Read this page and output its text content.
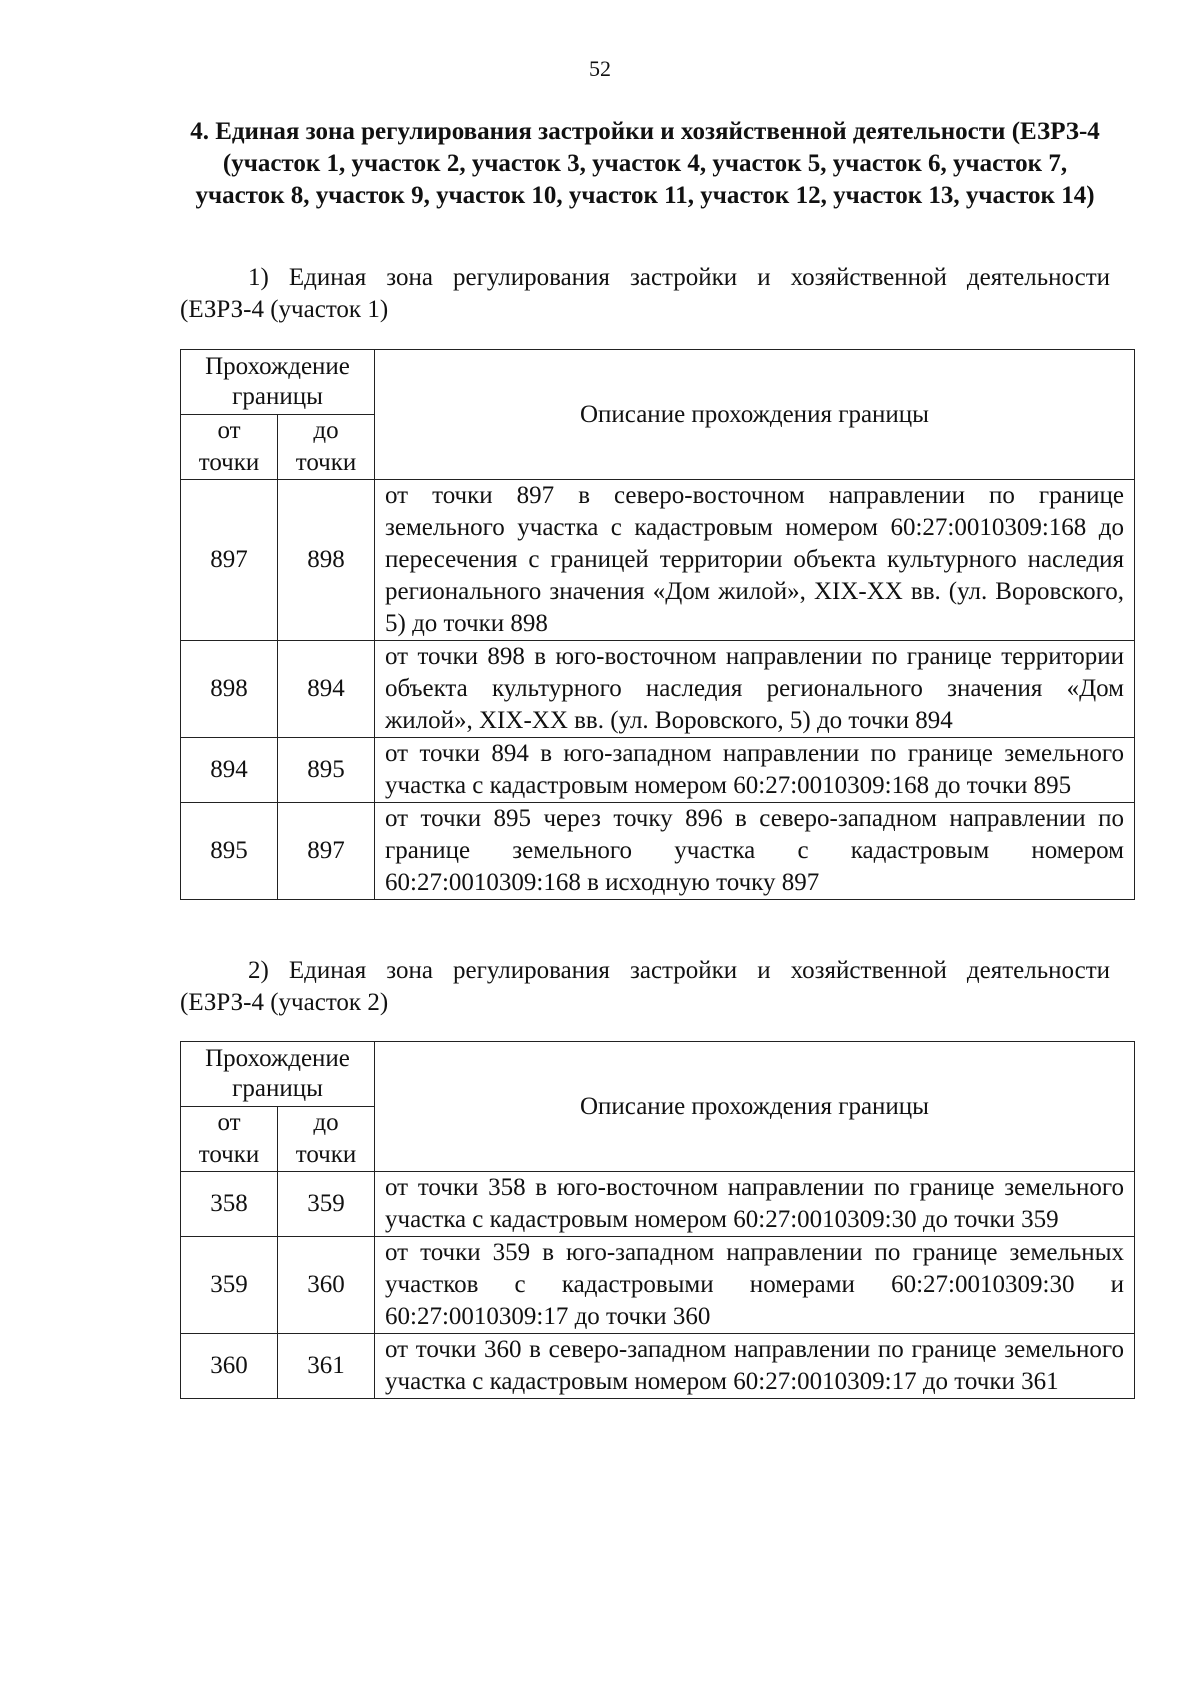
52
4. Единая зона регулирования застройки и хозяйственной деятельности (ЕЗРЗ-4 (участок 1, участок 2, участок 3, участок 4, участок 5, участок 6, участок 7, участок 8, участок 9, участок 10, участок 11, участок 12, участок 13, участок 14)
1) Единая зона регулирования застройки и хозяйственной деятельности
(ЕЗРЗ-4 (участок 1)
Прохождение границы		Описание прохождения границы
от точки	до точки	
897	898	от точки 897 в северо-восточном направлении по границе земельного участка с кадастровым номером 60:27:0010309:168 до пересечения с границей территории объекта культурного наследия регионального значения «Дом жилой», XIX-XX вв. (ул. Воровского, 5) до точки 898
898	894	от точки 898 в юго-восточном направлении по границе территории объекта культурного наследия регионального значения «Дом жилой», XIX-XX вв. (ул. Воровского, 5) до точки 894
894	895	от точки 894 в юго-западном направлении по границе земельного участка с кадастровым номером 60:27:0010309:168 до точки 895
895	897	от точки 895 через точку 896 в северо-западном направлении по границе земельного участка с кадастровым номером 60:27:0010309:168 в исходную точку 897
2) Единая зона регулирования застройки и хозяйственной деятельности
(ЕЗРЗ-4 (участок 2)
Прохождение границы		Описание прохождения границы
от точки	до точки	
358	359	от точки 358 в юго-восточном направлении по границе земельного участка с кадастровым номером 60:27:0010309:30 до точки 359
359	360	от точки 359 в юго-западном направлении по границе земельных участков с кадастровыми номерами 60:27:0010309:30 и 60:27:0010309:17 до точки 360
360	361	от точки 360 в северо-западном направлении по границе земельного участка с кадастровым номером 60:27:0010309:17 до точки 361
